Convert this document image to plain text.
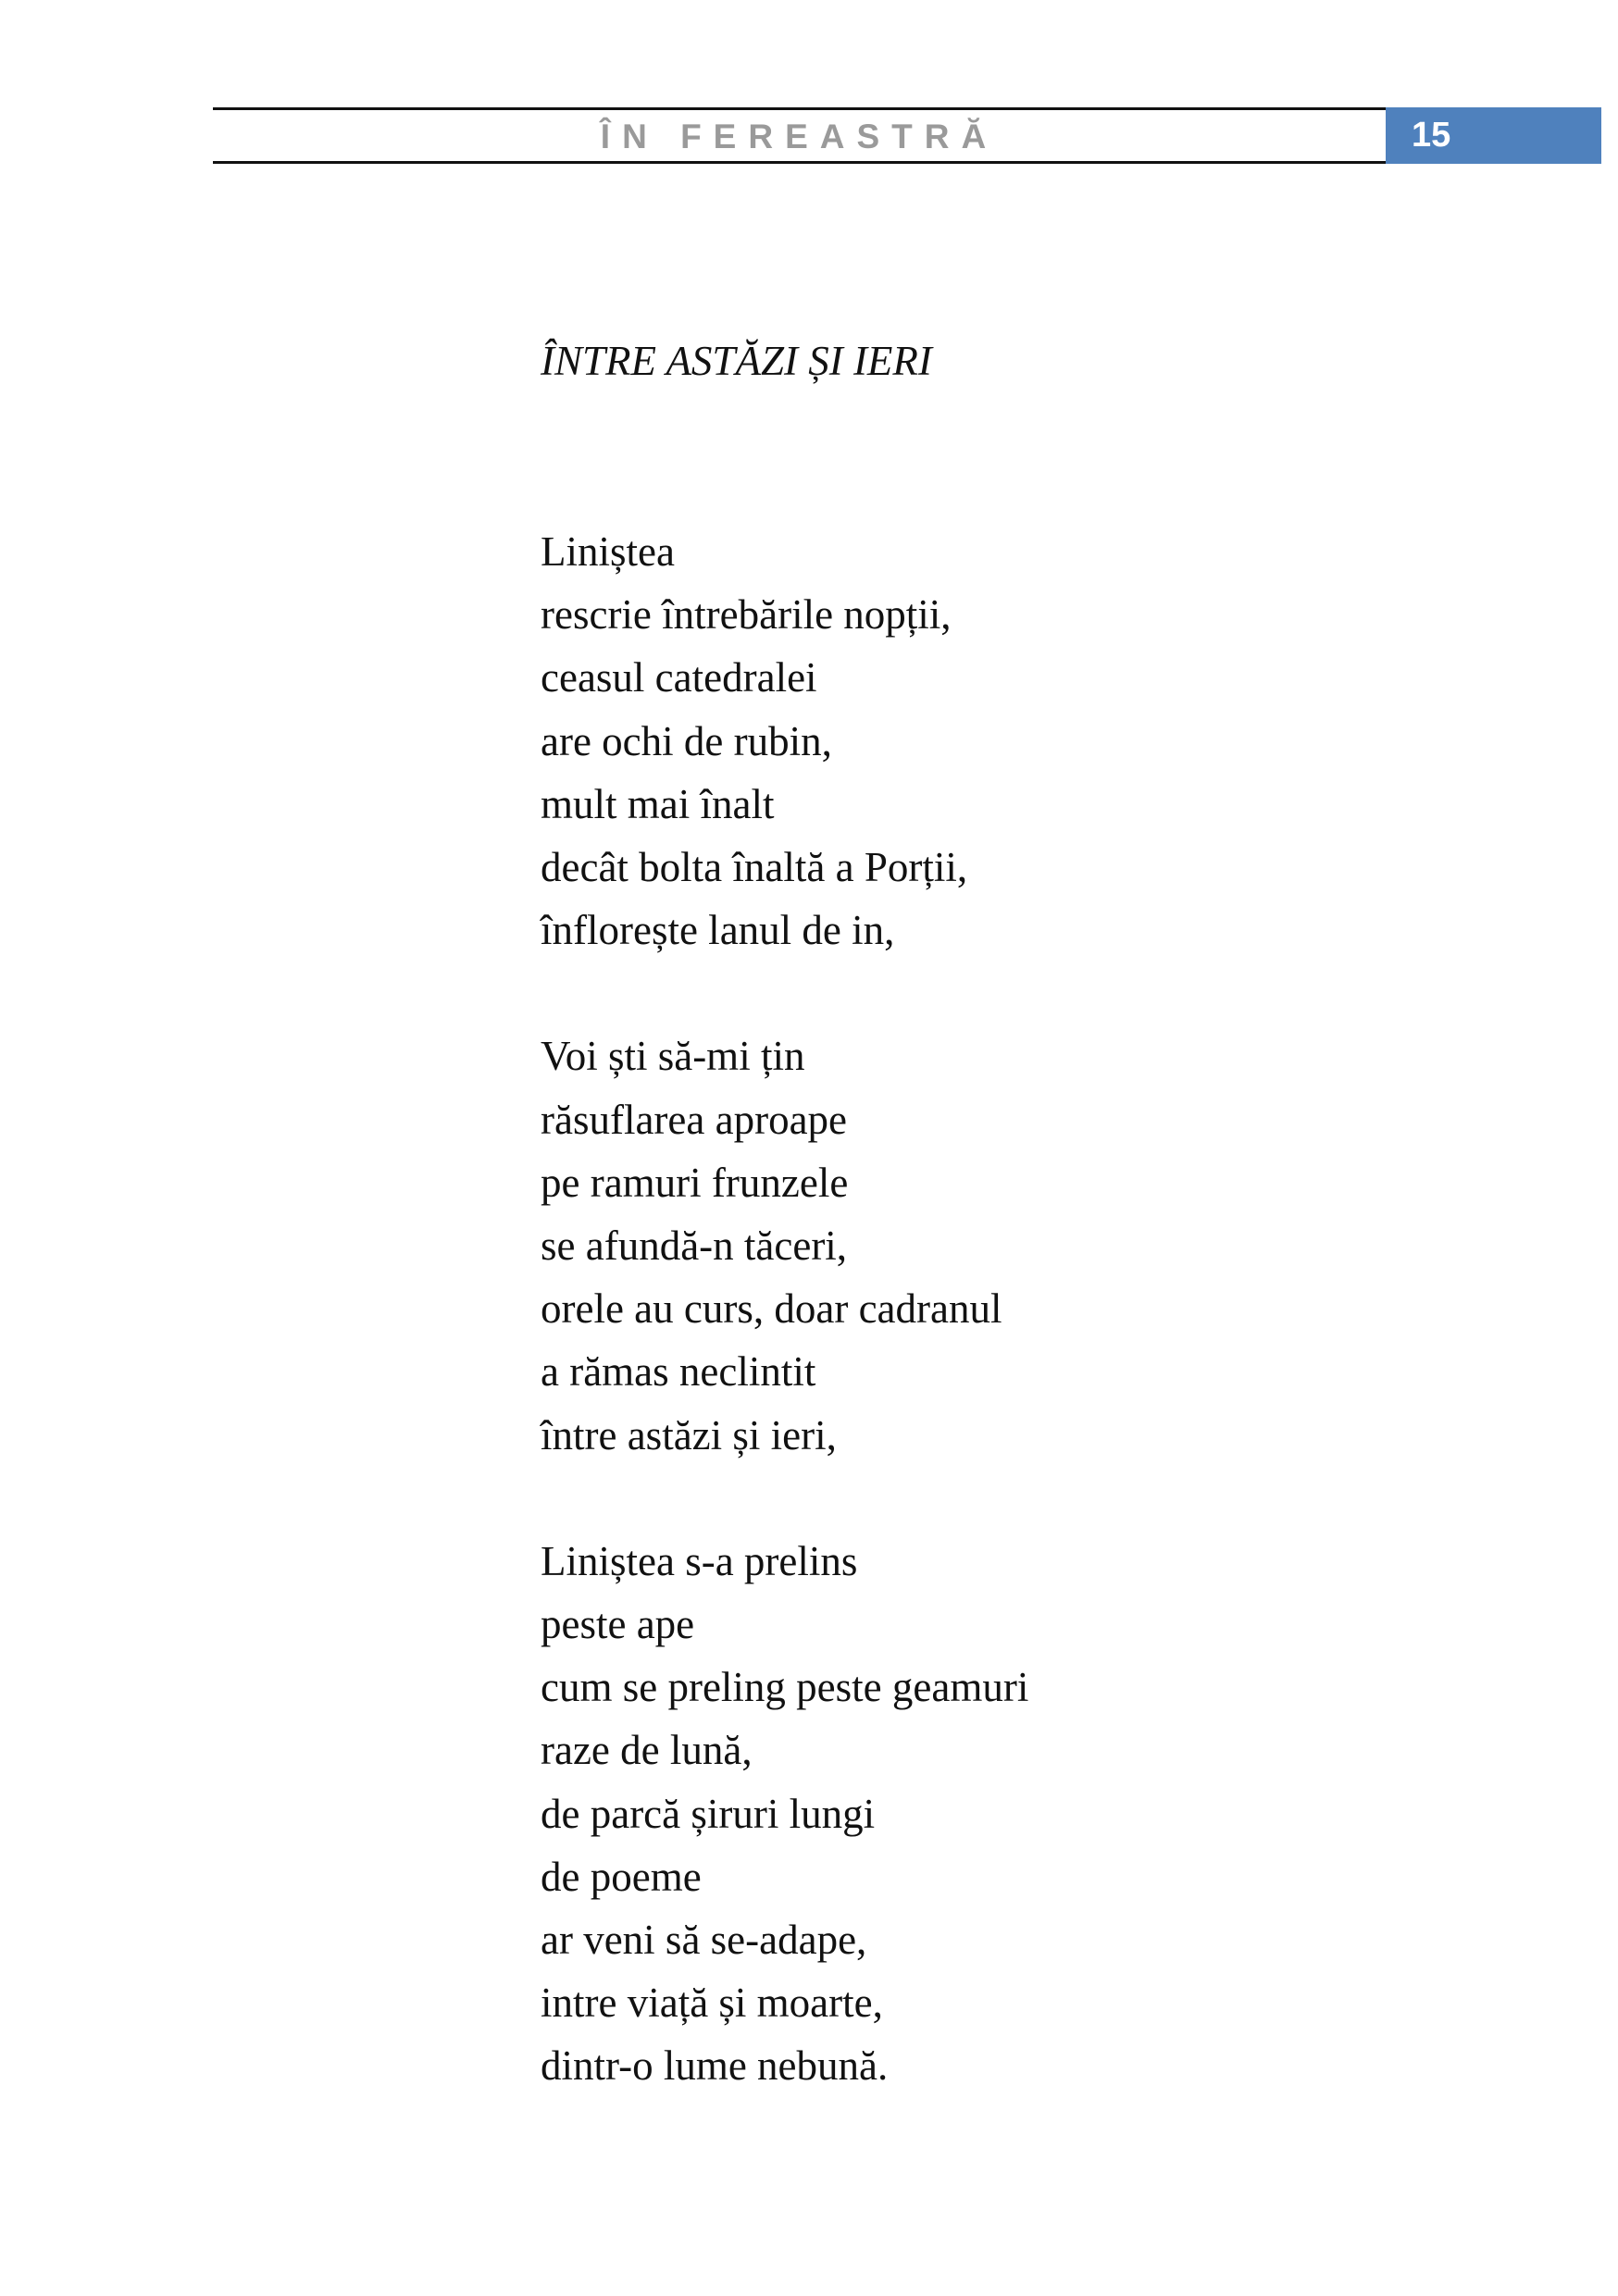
ÎN FEREASTRĂ	15
ÎNTRE ASTĂZI ȘI IERI
Liniștea
rescrie întrebările nopții,
ceasul catedralei
are ochi de rubin,
mult mai înalt
decât bolta înaltă a Porții,
înflorește lanul de in,
Voi ști să-mi țin
răsuflarea aproape
pe ramuri frunzele
se afundă-n tăceri,
orele au curs, doar cadranul
a rămas neclintit
între astăzi și ieri,
Liniștea s-a prelins
peste ape
cum se preling peste geamuri
raze de lună,
de parcă șiruri lungi
de poeme
ar veni să se-adape,
intre viață și moarte,
dintr-o lume nebună.
